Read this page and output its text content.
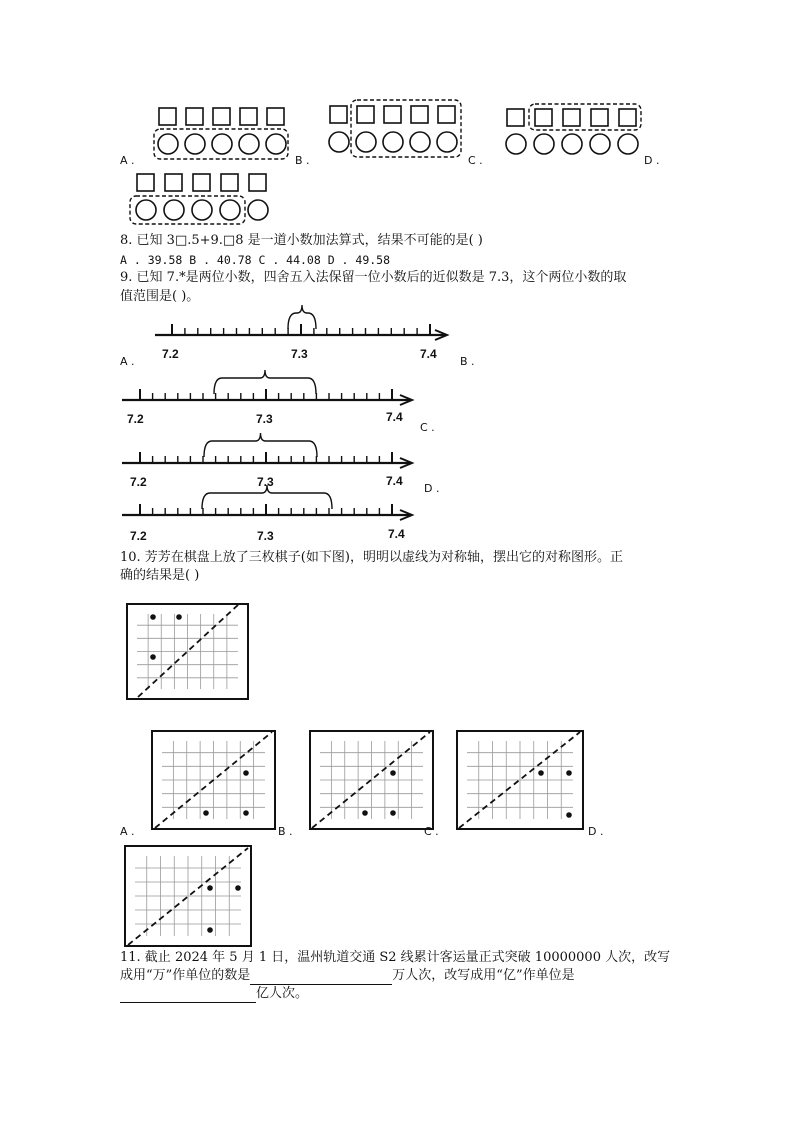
A .	B .	C .	D .
8. 已知 3□.5+9.□8 是一道小数加法算式，结果不可能的是( )
A . 39.58 B . 40.78 C . 44.08 D . 49.58
9. 已知 7.*是两位小数，四舍五入法保留一位小数后的近似数是 7.3，这个两位小数的取
值范围是( )。
A .	B .
C .
D .
7.2	7.3	7.4
7.2	7.3	7.4
7.2	7.3	7.4
7.2	7.3	7.4
10. 芳芳在棋盘上放了三枚棋子(如下图)，明明以虚线为对称轴，摆出它的对称图形。正
确的结果是( )
A .	B .	C .	D .
11. 截止 2024 年 5 月 1 日，温州轨道交通 S2 线累计客运量正式突破 10000000 人次，改写
成用“万”作单位的数是	万人次，改写成用“亿”作单位是
亿人次。
